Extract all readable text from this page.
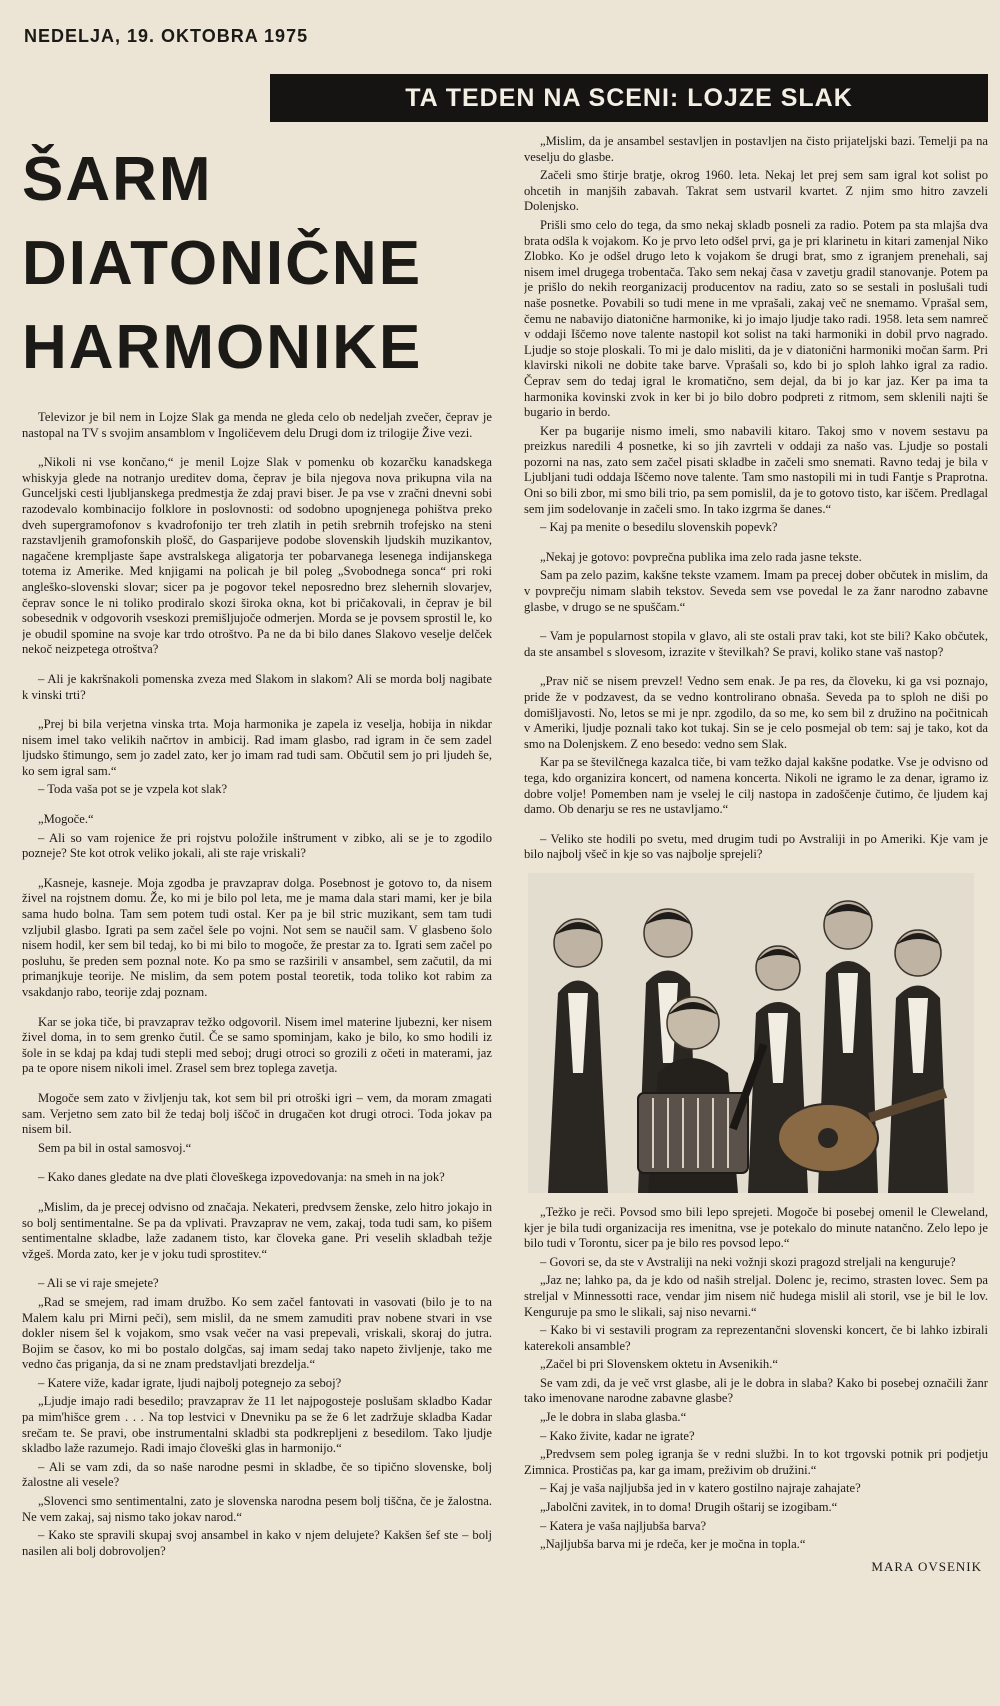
NEDELJA, 19. OKTOBRA 1975

TA TEDEN NA SCENI: LOJZE SLAK
ŠARM
DIATONIČNE
HARMONIKE

Televizor je bil nem in Lojze Slak ga menda ne gleda celo ob nedeljah zvečer, čeprav je nastopal na TV s svojim ansamblom v Ingoličevem delu Drugi dom iz trilogije Žive vezi.

„Nikoli ni vse končano,“ je menil Lojze Slak v pomenku ob kozarčku kanadskega whiskyja glede na notranjo ureditev doma, čeprav je bila njegova nova prikupna vila na Gunceljski cesti ljubljanskega predmestja že zdaj pravi biser. Je pa vse v zračni dnevni sobi razodevalo kombinacijo folklore in poslovnosti: od sodobno upognjenega pohištva preko dveh supergramofonov s kvadrofonijo ter treh zlatih in petih srebrnih trofejsko na steni razstavljenih gramofonskih plošč, do Gasparijeve podobe slovenskih ljudskih muzikantov, nagačene krempljaste šape avstralskega aligatorja ter pobarvanega lesenega indijanskega totema iz Amerike. Med knjigami na policah je bil poleg „Svobodnega sonca“ pri roki angleško-slovenski slovar; sicer pa je pogovor tekel neposredno brez slehernih slovarjev, čeprav sonce le ni toliko prodiralo skozi široka okna, kot bi pričakovali, in čeprav je bil sobesednik v odgovorih vseskozi premišljujoče odmerjen. Morda se je povsem sprostil le, ko je obudil spomine na svoje kar trdo otroštvo. Pa ne da bi bilo danes Slakovo veselje delček nekoč neizpetega otroštva?

– Ali je kakršnakoli pomenska zveza med Slakom in slakom? Ali se morda bolj nagibate k vinski trti?

„Prej bi bila verjetna vinska trta. Moja harmonika je zapela iz veselja, hobija in nikdar nisem imel tako velikih načrtov in ambicij. Rad imam glasbo, rad igram in če sem zadel ljudsko štimungo, sem jo zadel zato, ker jo imam rad tudi sam. Občutil sem jo pri ljudeh še, ko sem igral sam.“

– Toda vaša pot se je vzpela kot slak?

„Mogoče.“

– Ali so vam rojenice že pri rojstvu položile inštrument v zibko, ali se je to zgodilo pozneje? Ste kot otrok veliko jokali, ali ste raje vriskali?

„Kasneje, kasneje. Moja zgodba je pravzaprav dolga. Posebnost je gotovo to, da nisem živel na rojstnem domu. Že, ko mi je bilo pol leta, me je mama dala stari mami, ker je bila sama hudo bolna. Tam sem potem tudi ostal. Ker pa je bil stric muzikant, sem tam tudi vzljubil glasbo. Igrati pa sem začel šele po vojni. Not sem se naučil sam. V glasbeno šolo nisem hodil, ker sem bil tedaj, ko bi mi bilo to mogoče, že prestar za to. Igrati sem začel po posluhu, še preden sem poznal note. Ko pa smo se razširili v ansambel, sem začutil, da mi primanjkuje teorije. Ne mislim, da sem potem postal teoretik, toda toliko kot rabim za vsakdanjo rabo, teorije zdaj poznam.

Kar se joka tiče, bi pravzaprav težko odgovoril. Nisem imel materine ljubezni, ker nisem živel doma, in to sem grenko čutil. Če se samo spominjam, kako je bilo, ko smo hodili iz šole in se kdaj pa kdaj tudi stepli med seboj; drugi otroci so grozili z očeti in materami, jaz pa te opore nisem nikoli imel. Zrasel sem brez toplega zavetja.

Mogoče sem zato v življenju tak, kot sem bil pri otroški igri – vem, da moram zmagati sam. Verjetno sem zato bil že tedaj bolj iščoč in drugačen kot drugi otroci. Toda jokav pa nisem bil.

Sem pa bil in ostal samosvoj.“

– Kako danes gledate na dve plati človeškega izpovedovanja: na smeh in na jok?

„Mislim, da je precej odvisno od značaja. Nekateri, predvsem ženske, zelo hitro jokajo in so bolj sentimentalne. Se pa da vplivati. Pravzaprav ne vem, zakaj, toda tudi sam, ko pišem sentimentalne skladbe, laže zadanem tisto, kar človeka gane. Pri veselih skladbah težje vžgeš. Morda zato, ker je v joku tudi sprostitev.“

– Ali se vi raje smejete?

„Rad se smejem, rad imam družbo. Ko sem začel fantovati in vasovati (bilo je to na Malem kalu pri Mirni peči), sem mislil, da ne smem zamuditi prav nobene stvari in vse dokler nisem šel k vojakom, smo vsak večer na vasi prepevali, vriskali, skoraj do jutra. Bojim se časov, ko mi bo postalo dolgčas, saj imam sedaj tako napeto življenje, tako me vedno čas priganja, da si ne znam predstavljati brezdelja.“

– Katere viže, kadar igrate, ljudi najbolj potegnejo za seboj?

„Ljudje imajo radi besedilo; pravzaprav že 11 let najpogosteje poslušam skladbo Kadar pa mim'hišce grem . . . Na top lestvici v Dnevniku pa se že 6 let zadržuje skladba Kadar srečam te. Se pravi, obe instrumentalni skladbi sta podkrepljeni z besedilom. Tako ljudje skladbo laže razumejo. Radi imajo človeški glas in harmonijo.“

– Ali se vam zdi, da so naše narodne pesmi in skladbe, če so tipično slovenske, bolj žalostne ali vesele?

„Slovenci smo sentimentalni, zato je slovenska narodna pesem bolj tiščna, če je žalostna. Ne vem zakaj, saj nismo tako jokav narod.“

– Kako ste spravili skupaj svoj ansambel in kako v njem delujete? Kakšen šef ste – bolj nasilen ali bolj dobrovoljen?

„Mislim, da je ansambel sestavljen in postavljen na čisto prijateljski bazi. Temelji pa na veselju do glasbe.

Začeli smo štirje bratje, okrog 1960. leta. Nekaj let prej sem sam igral kot solist po ohcetih in manjših zabavah. Takrat sem ustvaril kvartet. Z njim smo hitro zavzeli Dolenjsko.

Prišli smo celo do tega, da smo nekaj skladb posneli za radio. Potem pa sta mlajša dva brata odšla k vojakom. Ko je prvo leto odšel prvi, ga je pri klarinetu in kitari zamenjal Niko Zlobko. Ko je odšel drugo leto k vojakom še drugi brat, smo z igranjem prenehali, saj nisem imel drugega trobentača. Tako sem nekaj časa v zavetju gradil stanovanje. Potem pa je prišlo do nekih reorganizacij producentov na radiu, zato so se sestali in poslušali tudi naše posnetke. Povabili so tudi mene in me vprašali, zakaj več ne snemamo. Vprašal sem, čemu ne nabavijo diatonične harmonike, ki jo imajo ljudje tako radi. 1958. leta sem namreč v oddaji Iščemo nove talente nastopil kot solist na taki harmoniki in dobil prvo nagrado. Ljudje so stoje ploskali. To mi je dalo misliti, da je v diatonični harmoniki močan šarm. Pri klavirski nikoli ne dobite take barve. Vprašali so, kdo bi jo sploh lahko igral za radio. Čeprav sem do tedaj igral le kromatično, sem dejal, da bi jo kar jaz. Ker pa ima ta harmonika kovinski zvok in ker bi jo bilo dobro podpreti z ritmom, sem sklenili najti še bugario in berdo.

Ker pa bugarije nismo imeli, smo nabavili kitaro. Takoj smo v novem sestavu pa preizkus naredili 4 posnetke, ki so jih zavrteli v oddaji za našo vas. Ljudje so postali pozorni na nas, zato sem začel pisati skladbe in začeli smo snemati. Ravno tedaj je bila v Ljubljani tudi oddaja Iščemo nove talente. Tam smo nastopili mi in tudi Fantje s Praprotna. Oni so bili zbor, mi smo bili trio, pa sem pomislil, da je to gotovo tisto, kar iščem. Predlagal sem jim sodelovanje in začeli smo. In tako izgrma še danes.“

– Kaj pa menite o besedilu slovenskih popevk?

„Nekaj je gotovo: povprečna publika ima zelo rada jasne tekste.

Sam pa zelo pazim, kakšne tekste vzamem. Imam pa precej dober občutek in mislim, da v povprečju nimam slabih tekstov. Seveda sem vse povedal le za žanr narodno zabavne glasbe, v drugo se ne spuščam.“

– Vam je popularnost stopila v glavo, ali ste ostali prav taki, kot ste bili? Kako občutek, da ste ansambel s slovesom, izrazite v številkah? Se pravi, koliko stane vaš nastop?

„Prav nič se nisem prevzel! Vedno sem enak. Je pa res, da človeku, ki ga vsi poznajo, pride že v podzavest, da se vedno kontrolirano obnaša. Seveda pa to sploh ne diši po domišljavosti. No, letos se mi je npr. zgodilo, da so me, ko sem bil z družino na počitnicah v Ameriki, ljudje poznali tako kot tukaj. Sin se je celo posmejal ob tem: saj je tako, kot da smo na Dolenjskem. Z eno besedo: vedno sem Slak.

Kar pa se številčnega kazalca tiče, bi vam težko dajal kakšne podatke. Vse je odvisno od tega, kdo organizira koncert, od namena koncerta. Nikoli ne igramo le za denar, igramo iz dobre volje! Pomemben nam je vselej le cilj nastopa in zadoščenje čutimo, če ljudem kaj damo. Ob denarju se res ne ustavljamo.“

– Veliko ste hodili po svetu, med drugim tudi po Avstraliji in po Ameriki. Kje vam je bilo najbolj všeč in kje so vas najbolje sprejeli?

„Težko je reči. Povsod smo bili lepo sprejeti. Mogoče bi posebej omenil le Cleweland, kjer je bila tudi organizacija res imenitna, vse je potekalo do minute natančno. Zelo lepo je bilo tudi v Torontu, sicer pa je bilo res povsod lepo.“

– Govori se, da ste v Avstraliji na neki vožnji skozi pragozd streljali na kenguruje?

„Jaz ne; lahko pa, da je kdo od naših streljal. Dolenc je, recimo, strasten lovec. Sem pa streljal v Minnessotti race, vendar jim nisem nič hudega mislil ali storil, vse je bil le lov. Kenguruje pa smo le slikali, saj niso nevarni.“

– Kako bi vi sestavili program za reprezentančni slovenski koncert, če bi lahko izbirali katerekoli ansamble?

„Začel bi pri Slovenskem oktetu in Avsenikih.“

Se vam zdi, da je več vrst glasbe, ali je le dobra in slaba? Kako bi posebej označili žanr tako imenovane narodne zabavne glasbe?

„Je le dobra in slaba glasba.“

– Kako živite, kadar ne igrate?

„Predvsem sem poleg igranja še v redni službi. In to kot trgovski potnik pri podjetju Zimnica. Prostičas pa, kar ga imam, preživim ob družini.“

– Kaj je vaša najljubša jed in v katero gostilno najraje zahajate?

„Jabolčni zavitek, in to doma! Drugih oštarij se izogibam.“

– Katera je vaša najljubša barva?

„Najljubša barva mi je rdeča, ker je močna in topla.“

MARA OVSENIK
